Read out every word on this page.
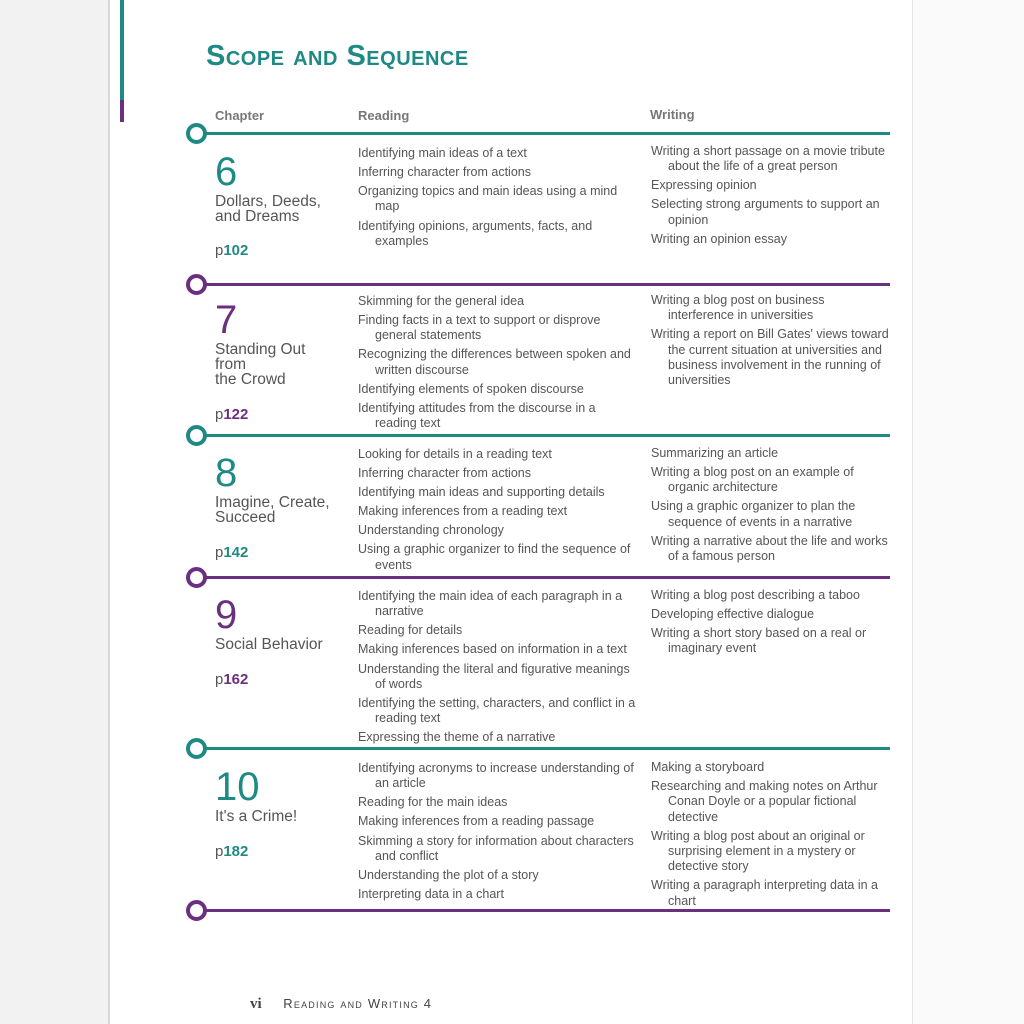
Scope and Sequence
Chapter	Reading	Writing
6
Dollars, Deeds,
and Dreams
p102
Identifying main ideas of a text
Inferring character from actions
Organizing topics and main ideas using a mind map
Identifying opinions, arguments, facts, and examples
Writing a short passage on a movie tribute about the life of a great person
Expressing opinion
Selecting strong arguments to support an opinion
Writing an opinion essay
7
Standing Out
from
the Crowd
p122
Skimming for the general idea
Finding facts in a text to support or disprove general statements
Recognizing the differences between spoken and written discourse
Identifying elements of spoken discourse
Identifying attitudes from the discourse in a reading text
Writing a blog post on business interference in universities
Writing a report on Bill Gates' views toward the current situation at universities and business involvement in the running of universities
8
Imagine, Create,
Succeed
p142
Looking for details in a reading text
Inferring character from actions
Identifying main ideas and supporting details
Making inferences from a reading text
Understanding chronology
Using a graphic organizer to find the sequence of events
Summarizing an article
Writing a blog post on an example of organic architecture
Using a graphic organizer to plan the sequence of events in a narrative
Writing a narrative about the life and works of a famous person
9
Social Behavior
p162
Identifying the main idea of each paragraph in a narrative
Reading for details
Making inferences based on information in a text
Understanding the literal and figurative meanings of words
Identifying the setting, characters, and conflict in a reading text
Expressing the theme of a narrative
Writing a blog post describing a taboo
Developing effective dialogue
Writing a short story based on a real or imaginary event
10
It's a Crime!
p182
Identifying acronyms to increase understanding of an article
Reading for the main ideas
Making inferences from a reading passage
Skimming a story for information about characters and conflict
Understanding the plot of a story
Interpreting data in a chart
Making a storyboard
Researching and making notes on Arthur Conan Doyle or a popular fictional detective
Writing a blog post about an original or surprising element in a mystery or detective story
Writing a paragraph interpreting data in a chart
vi Reading and Writing 4
